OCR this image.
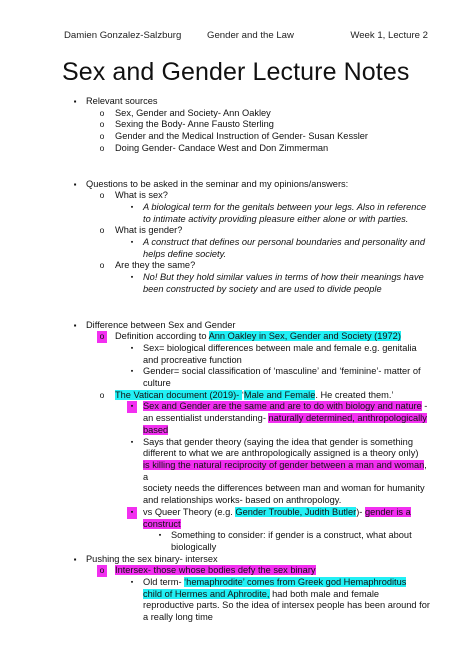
Damien Gonzalez-Salzburg	Gender and the Law	Week 1, Lecture 2
Sex and Gender Lecture Notes
▪	Relevant sources
o Sex, Gender and Society- Ann Oakley
o Sexing the Body- Anne Fausto Sterling
o Gender and the Medical Instruction of Gender- Susan Kessler
o Doing Gender- Candace West and Don Zimmerman
▪	Questions to be asked in the seminar and my opinions/answers:
o What is sex?
▪	A biological term for the genitals between your legs. Also in reference
to intimate activity providing pleasure either alone or with parties.
o What is gender?
▪	A construct that defines our personal boundaries and personality and
helps define society.
o Are they the same?
▪	No! But they hold similar values in terms of how their meanings have
been constructed by society and are used to divide people
▪	Difference between Sex and Gender
o Definition according to Ann Oakley in Sex, Gender and Society (1972)
▪	Sex= biological differences between male and female e.g. genitalia
and procreative function
▪	Gender= social classification of ‘masculine’ and ‘feminine’- matter of
culture
o The Vatican document (2019)- ‘Male and Female. He created them.’
▪	Sex and Gender are the same and are to do with biology and nature -
an essentialist understanding- naturally determined, anthropologically
based
▪	Says that gender theory (saying the idea that gender is something
different to what we are anthropologically assigned is a theory only)
is killing the natural reciprocity of gender between a man and woman, a
society needs the differences between man and woman for humanity
and relationships works- based on anthropology.
▪	vs Queer Theory (e.g. Gender Trouble, Judith Butler)- gender is a
construct
▪	Something to consider: if gender is a construct, what about
biologically
▪	Pushing the sex binary- intersex
o Intersex- those whose bodies defy the sex binary
▪	Old term- ‘hemaphrodite’ comes from Greek god Hemaphroditus
child of Hermes and Aphrodite, had both male and female
reproductive parts. So the idea of intersex people has been around for
a really long time
